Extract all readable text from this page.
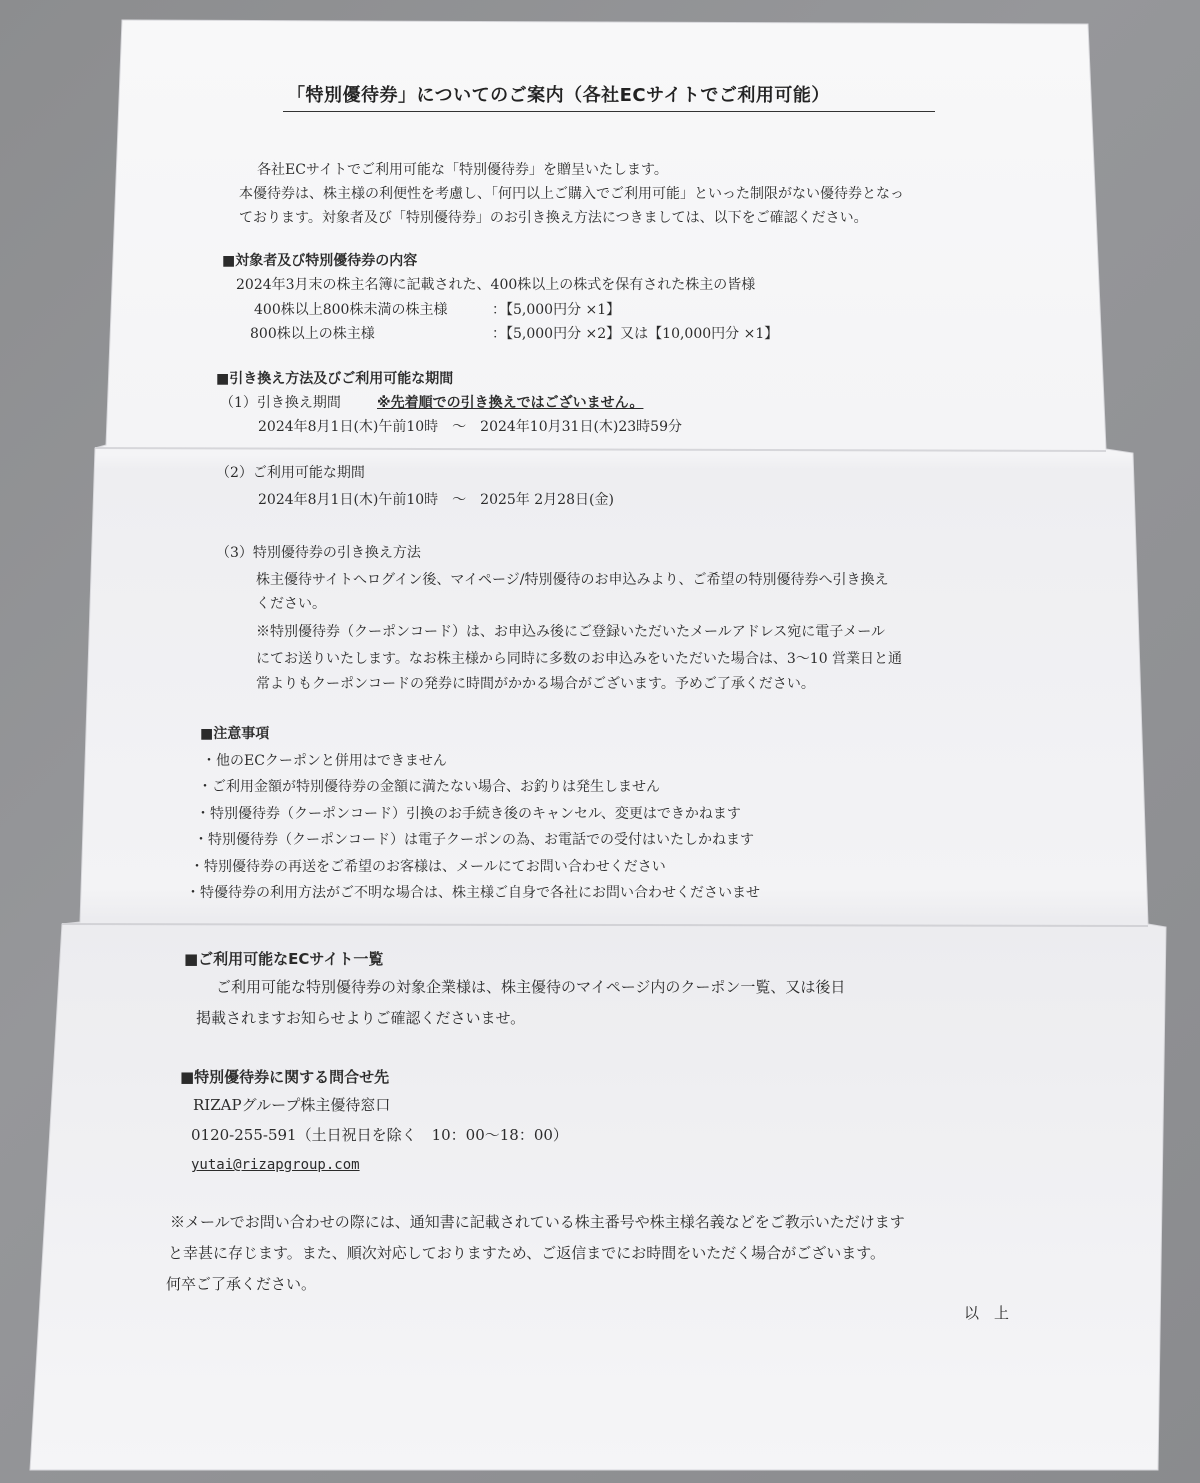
「特別優待券」についてのご案内（各社ECサイトでご利用可能）
各社ECサイトでご利用可能な「特別優待券」を贈呈いたします。
本優待券は、株主様の利便性を考慮し、「何円以上ご購入でご利用可能」といった制限がない優待券となっ
ております。対象者及び「特別優待券」のお引き換え方法につきましては、以下をご確認ください。
■対象者及び特別優待券の内容
2024年3月末の株主名簿に記載された、400株以上の株式を保有された株主の皆様
400株以上800株未満の株主様	：【5,000円分 ×1】
800株以上の株主様	：【5,000円分 ×2】又は【10,000円分 ×1】
■引き換え方法及びご利用可能な期間
（1）引き換え期間	※先着順での引き換えではございません。
2024年8月1日(木)午前10時　～　2024年10月31日(木)23時59分
（2）ご利用可能な期間
2024年8月1日(木)午前10時　～　2025年 2月28日(金)
（3）特別優待券の引き換え方法
株主優待サイトへログイン後、マイページ/特別優待のお申込みより、ご希望の特別優待券へ引き換え
ください。
※特別優待券（クーポンコード）は、お申込み後にご登録いただいたメールアドレス宛に電子メール
にてお送りいたします。なお株主様から同時に多数のお申込みをいただいた場合は、3～10 営業日と通
常よりもクーポンコードの発券に時間がかかる場合がございます。予めご了承ください。
■注意事項
・他のECクーポンと併用はできません
・ご利用金額が特別優待券の金額に満たない場合、お釣りは発生しません
・特別優待券（クーポンコード）引換のお手続き後のキャンセル、変更はできかねます
・特別優待券（クーポンコード）は電子クーポンの為、お電話での受付はいたしかねます
・特別優待券の再送をご希望のお客様は、メールにてお問い合わせください
・特優待券の利用方法がご不明な場合は、株主様ご自身で各社にお問い合わせくださいませ
■ご利用可能なECサイト一覧
ご利用可能な特別優待券の対象企業様は、株主優待のマイページ内のクーポン一覧、又は後日
掲載されますお知らせよりご確認くださいませ。
■特別優待券に関する問合せ先
RIZAPグループ株主優待窓口
0120-255-591（土日祝日を除く　10：00～18：00）
yutai@rizapgroup.com
※メールでお問い合わせの際には、通知書に記載されている株主番号や株主様名義などをご教示いただけます
と幸甚に存じます。また、順次対応しておりますため、ご返信までにお時間をいただく場合がございます。
何卒ご了承ください。
以　上
